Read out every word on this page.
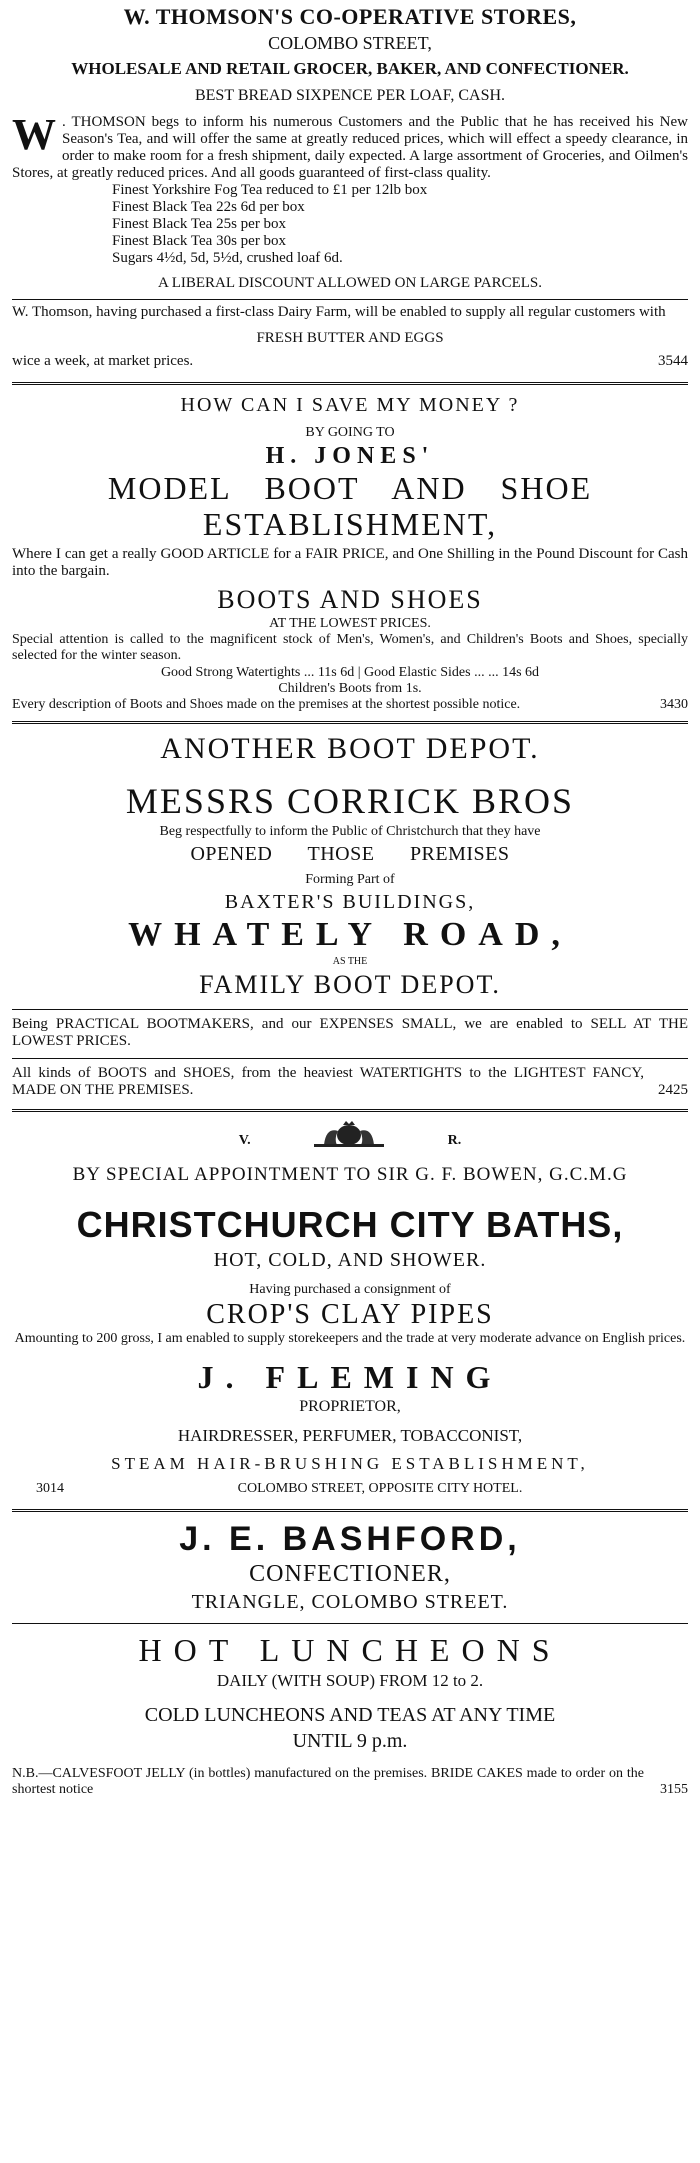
W. THOMSON'S CO-OPERATIVE STORES,
COLOMBO STREET,
WHOLESALE AND RETAIL GROCER, BAKER, AND CONFECTIONER.
BEST BREAD SIXPENCE PER LOAF, CASH.
W . THOMSON begs to inform his numerous Customers and the Public that he has received his New Season's Tea, and will offer the same at greatly reduced prices, which will effect a speedy clearance, in order to make room for a fresh shipment, daily expected. A large assortment of Groceries, and Oilmen's Stores, at greatly reduced prices. And all goods guaranteed of first-class quality.
Finest Yorkshire Fog Tea reduced to £1 per 12lb box
Finest Black Tea 22s 6d per box
Finest Black Tea 25s per box
Finest Black Tea 30s per box
Sugars 4½d, 5d, 5½d, crushed loaf 6d.
A LIBERAL DISCOUNT ALLOWED ON LARGE PARCELS.
W. Thomson, having purchased a first-class Dairy Farm, will be enabled to supply all regular customers with
FRESH BUTTER AND EGGS
wice a week, at market prices.	3544
HOW CAN I SAVE MY MONEY ?
BY GOING TO
H. JONES'
MODEL BOOT AND SHOE
ESTABLISHMENT,
Where I can get a really GOOD ARTICLE for a FAIR PRICE, and One Shilling in the Pound Discount for Cash into the bargain.
BOOTS AND SHOES
AT THE LOWEST PRICES.
Special attention is called to the magnificent stock of Men's, Women's, and Children's Boots and Shoes, specially selected for the winter season.
Good Strong Watertights ... 11s 6d | Good Elastic Sides ... ... 14s 6d
Children's Boots from 1s.
Every description of Boots and Shoes made on the premises at the shortest possible notice.	3430
ANOTHER BOOT DEPOT.
MESSRS CORRICK BROS
Beg respectfully to inform the Public of Christchurch that they have
OPENED THOSE PREMISES
Forming Part of
BAXTER'S BUILDINGS,
WHATELY ROAD,
AS THE
FAMILY BOOT DEPOT.
Being PRACTICAL BOOTMAKERS, and our EXPENSES SMALL, we are enabled to SELL AT THE LOWEST PRICES.
All kinds of BOOTS and SHOES, from the heaviest WATERTIGHTS to the LIGHTEST FANCY, MADE ON THE PREMISES.	2425
V.	R.
BY SPECIAL APPOINTMENT TO SIR G. F. BOWEN, G.C.M.G
CHRISTCHURCH CITY BATHS,
HOT, COLD, AND SHOWER.
Having purchased a consignment of
CROP'S CLAY PIPES
Amounting to 200 gross, I am enabled to supply storekeepers and the trade at very moderate advance on English prices.
J. FLEMING
PROPRIETOR,
HAIRDRESSER, PERFUMER, TOBACCONIST,
STEAM HAIR-BRUSHING ESTABLISHMENT,
3014	COLOMBO STREET, OPPOSITE CITY HOTEL.
J. E. BASHFORD,
CONFECTIONER,
TRIANGLE, COLOMBO STREET.
HOT LUNCHEONS
DAILY (WITH SOUP) FROM 12 to 2.
COLD LUNCHEONS AND TEAS AT ANY TIME
UNTIL 9 p.m.
N.B.—CALVESFOOT JELLY (in bottles) manufactured on the premises. BRIDE CAKES made to order on the shortest notice	3155
